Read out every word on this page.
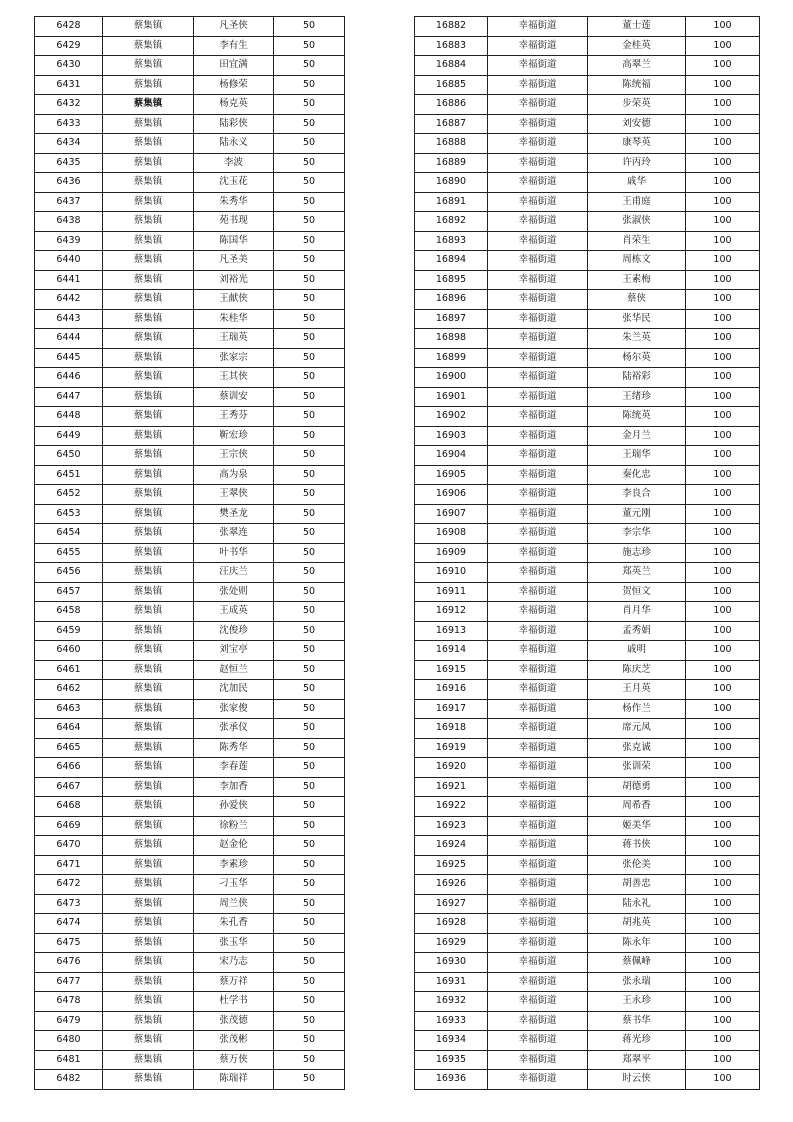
6428	蔡集镇	凡圣侠	50
6429	蔡集镇	李有生	50
6430	蔡集镇	田宜满	50
6431	蔡集镇	杨修荣	50
6432	蔡集镇	杨克英	50
6433	蔡集镇	陆彩侠	50
6434	蔡集镇	陆永义	50
6435	蔡集镇	李波	50
6436	蔡集镇	沈玉花	50
6437	蔡集镇	朱秀华	50
6438	蔡集镇	苑书现	50
6439	蔡集镇	陈国华	50
6440	蔡集镇	凡圣美	50
6441	蔡集镇	刘裕光	50
6442	蔡集镇	王献侠	50
6443	蔡集镇	朱桂华	50
6444	蔡集镇	王瑞英	50
6445	蔡集镇	张家宗	50
6446	蔡集镇	王其侠	50
6447	蔡集镇	蔡训安	50
6448	蔡集镇	王秀芬	50
6449	蔡集镇	靳宏珍	50
6450	蔡集镇	王宗侠	50
6451	蔡集镇	高为泉	50
6452	蔡集镇	王翠侠	50
6453	蔡集镇	樊圣龙	50
6454	蔡集镇	张翠连	50
6455	蔡集镇	叶书华	50
6456	蔡集镇	汪庆兰	50
6457	蔡集镇	张处则	50
6458	蔡集镇	王成英	50
6459	蔡集镇	沈俊珍	50
6460	蔡集镇	刘宝亭	50
6461	蔡集镇	赵恒兰	50
6462	蔡集镇	沈加民	50
6463	蔡集镇	张家俊	50
6464	蔡集镇	张承仪	50
6465	蔡集镇	陈秀华	50
6466	蔡集镇	李春莲	50
6467	蔡集镇	李加香	50
6468	蔡集镇	孙爱侠	50
6469	蔡集镇	徐粉兰	50
6470	蔡集镇	赵金伦	50
6471	蔡集镇	李素珍	50
6472	蔡集镇	刁玉华	50
6473	蔡集镇	周兰侠	50
6474	蔡集镇	朱孔香	50
6475	蔡集镇	张玉华	50
6476	蔡集镇	宋乃志	50
6477	蔡集镇	蔡万祥	50
6478	蔡集镇	杜学书	50
6479	蔡集镇	张茂德	50
6480	蔡集镇	张茂彬	50
6481	蔡集镇	蔡万侠	50
6482	蔡集镇	陈瑞祥	50
16882	幸福街道	董士莲	100
16883	幸福街道	金桂英	100
16884	幸福街道	高翠兰	100
16885	幸福街道	陈统福	100
16886	幸福街道	步荣英	100
16887	幸福街道	刘安德	100
16888	幸福街道	康琴英	100
16889	幸福街道	许丙玲	100
16890	幸福街道	戚华	100
16891	幸福街道	王甫庭	100
16892	幸福街道	张淑侠	100
16893	幸福街道	肖荣生	100
16894	幸福街道	周栋文	100
16895	幸福街道	王素梅	100
16896	幸福街道	蔡侠	100
16897	幸福街道	张华民	100
16898	幸福街道	朱兰英	100
16899	幸福街道	杨尔英	100
16900	幸福街道	陆裕彩	100
16901	幸福街道	王绪珍	100
16902	幸福街道	陈统英	100
16903	幸福街道	金月兰	100
16904	幸福街道	王瑞华	100
16905	幸福街道	秦化忠	100
16906	幸福街道	李良合	100
16907	幸福街道	董元刚	100
16908	幸福街道	李宗华	100
16909	幸福街道	施志珍	100
16910	幸福街道	郑英兰	100
16911	幸福街道	贺恒文	100
16912	幸福街道	肖月华	100
16913	幸福街道	孟秀娟	100
16914	幸福街道	戚明	100
16915	幸福街道	陈庆芝	100
16916	幸福街道	王月英	100
16917	幸福街道	杨作兰	100
16918	幸福街道	席元凤	100
16919	幸福街道	张克诚	100
16920	幸福街道	张训荣	100
16921	幸福街道	胡德勇	100
16922	幸福街道	周希香	100
16923	幸福街道	姬美华	100
16924	幸福街道	蒋书侠	100
16925	幸福街道	张伦美	100
16926	幸福街道	胡善忠	100
16927	幸福街道	陆永礼	100
16928	幸福街道	胡兆英	100
16929	幸福街道	陈永年	100
16930	幸福街道	蔡佩峰	100
16931	幸福街道	张永瑞	100
16932	幸福街道	王永珍	100
16933	幸福街道	蔡书华	100
16934	幸福街道	蒋光珍	100
16935	幸福街道	郑翠平	100
16936	幸福街道	时云侠	100
